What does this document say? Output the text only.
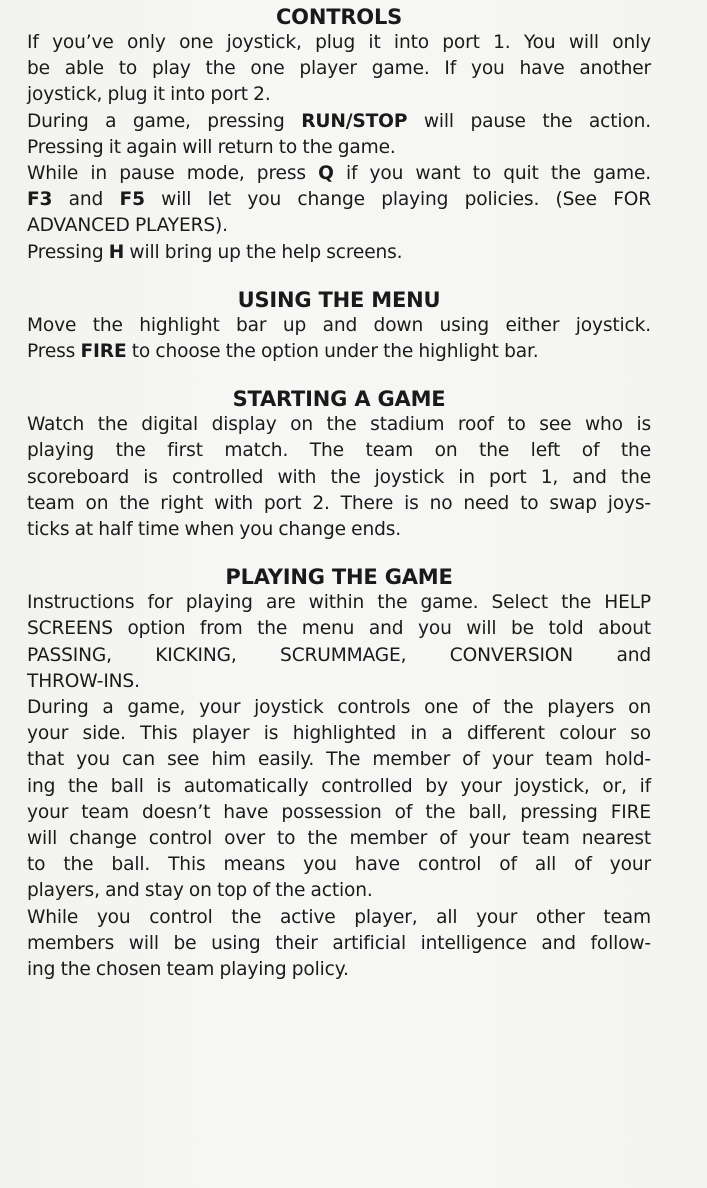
CONTROLS
If you’ve only one joystick, plug it into port 1. You will only
be able to play the one player game. If you have another
joystick, plug it into port 2.
During a game, pressing RUN/STOP will pause the action.
Pressing it again will return to the game.
While in pause mode, press Q if you want to quit the game.
F3 and F5 will let you change playing policies. (See FOR
ADVANCED PLAYERS).
Pressing H will bring up the help screens.
USING THE MENU
Move the highlight bar up and down using either joystick.
Press FIRE to choose the option under the highlight bar.
STARTING A GAME
Watch the digital display on the stadium roof to see who is
playing the first match. The team on the left of the
scoreboard is controlled with the joystick in port 1, and the
team on the right with port 2. There is no need to swap joys-
ticks at half time when you change ends.
PLAYING THE GAME
Instructions for playing are within the game. Select the HELP
SCREENS option from the menu and you will be told about
PASSING, KICKING, SCRUMMAGE, CONVERSION and
THROW-INS.
During a game, your joystick controls one of the players on
your side. This player is highlighted in a different colour so
that you can see him easily. The member of your team hold-
ing the ball is automatically controlled by your joystick, or, if
your team doesn’t have possession of the ball, pressing FIRE
will change control over to the member of your team nearest
to the ball. This means you have control of all of your
players, and stay on top of the action.
While you control the active player, all your other team
members will be using their artificial intelligence and follow-
ing the chosen team playing policy.
